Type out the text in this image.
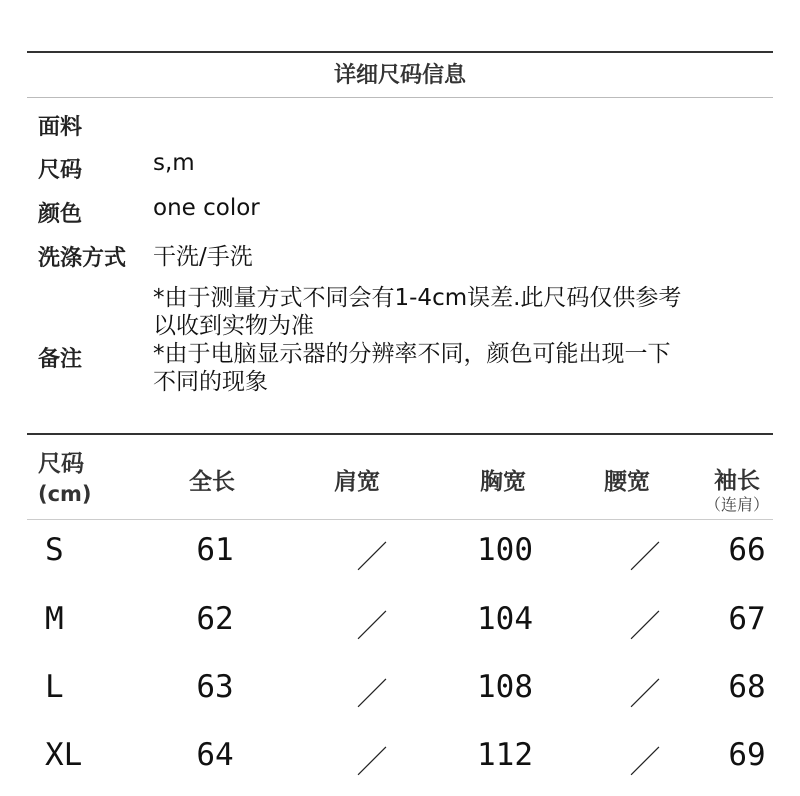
详细尺码信息
面料
尺码	s,m
颜色	one color
洗涤方式 干洗/手洗
备注
*由于测量方式不同会有1-4cm误差.此尺码仅供参考
以收到实物为准
*由于电脑显示器的分辨率不同，颜色可能出现一下
不同的现象
尺码
(cm)	全长	肩宽	胸宽	腰宽	袖长
（连肩）
S	61	／	100	／	66
M	62	／	104	／	67
L	63	／	108	／	68
XL	64	／	112	／	69
